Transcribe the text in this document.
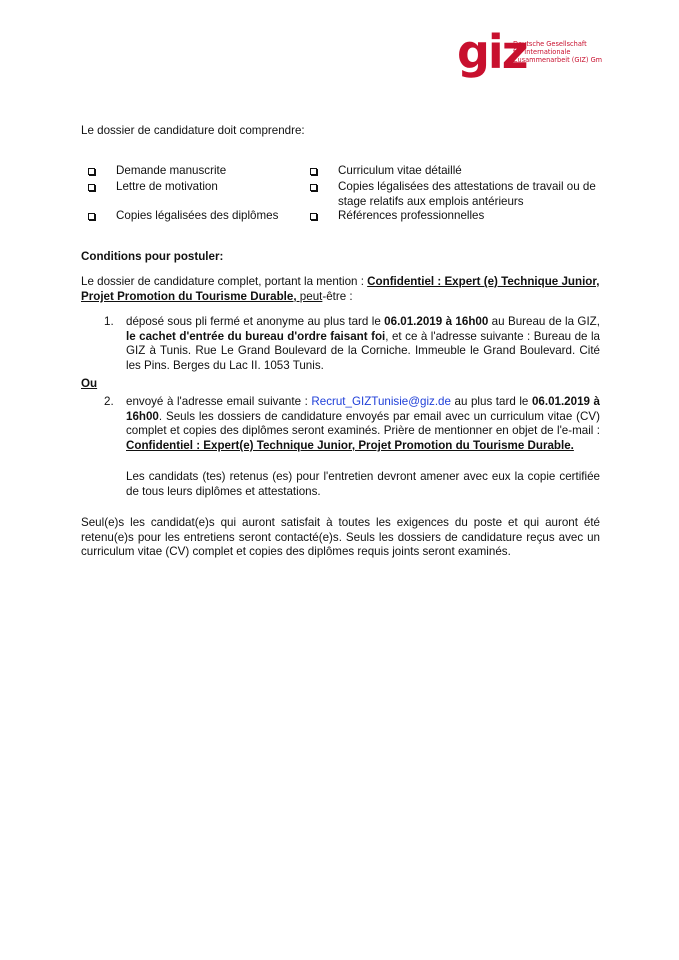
giz
Deutsche Gesellschaft
für Internationale
Zusammenarbeit (GIZ) Gm
Le dossier de candidature doit comprendre:
Demande manuscrite
Lettre de motivation
Copies légalisées des diplômes
Curriculum vitae détaillé
Copies légalisées des attestations de travail ou de
stage relatifs aux emplois antérieurs
Références professionnelles
Conditions pour postuler:
Le dossier de candidature complet, portant la mention : Confidentiel : Expert (e) Technique Junior,
Projet Promotion du Tourisme Durable, peut-être :
1. déposé sous pli fermé et anonyme au plus tard le 06.01.2019 à 16h00 au Bureau de la GIZ, le cachet d'entrée du bureau d'ordre faisant foi, et ce à l'adresse suivante : Bureau de la GIZ à Tunis. Rue Le Grand Boulevard de la Corniche. Immeuble le Grand Boulevard. Cité les Pins. Berges du Lac II. 1053 Tunis.
Ou
2. envoyé à l'adresse email suivante : Recrut_GIZTunisie@giz.de au plus tard le 06.01.2019 à 16h00. Seuls les dossiers de candidature envoyés par email avec un curriculum vitae (CV) complet et copies des diplômes seront examinés. Prière de mentionner en objet de l'e-mail : Confidentiel : Expert(e) Technique Junior, Projet Promotion du Tourisme Durable.
Les candidats (tes) retenus (es) pour l'entretien devront amener avec eux la copie certifiée de tous leurs diplômes et attestations.
Seul(e)s les candidat(e)s qui auront satisfait à toutes les exigences du poste et qui auront été retenu(e)s pour les entretiens seront contacté(e)s. Seuls les dossiers de candidature reçus avec un curriculum vitae (CV) complet et copies des diplômes requis joints seront examinés.
